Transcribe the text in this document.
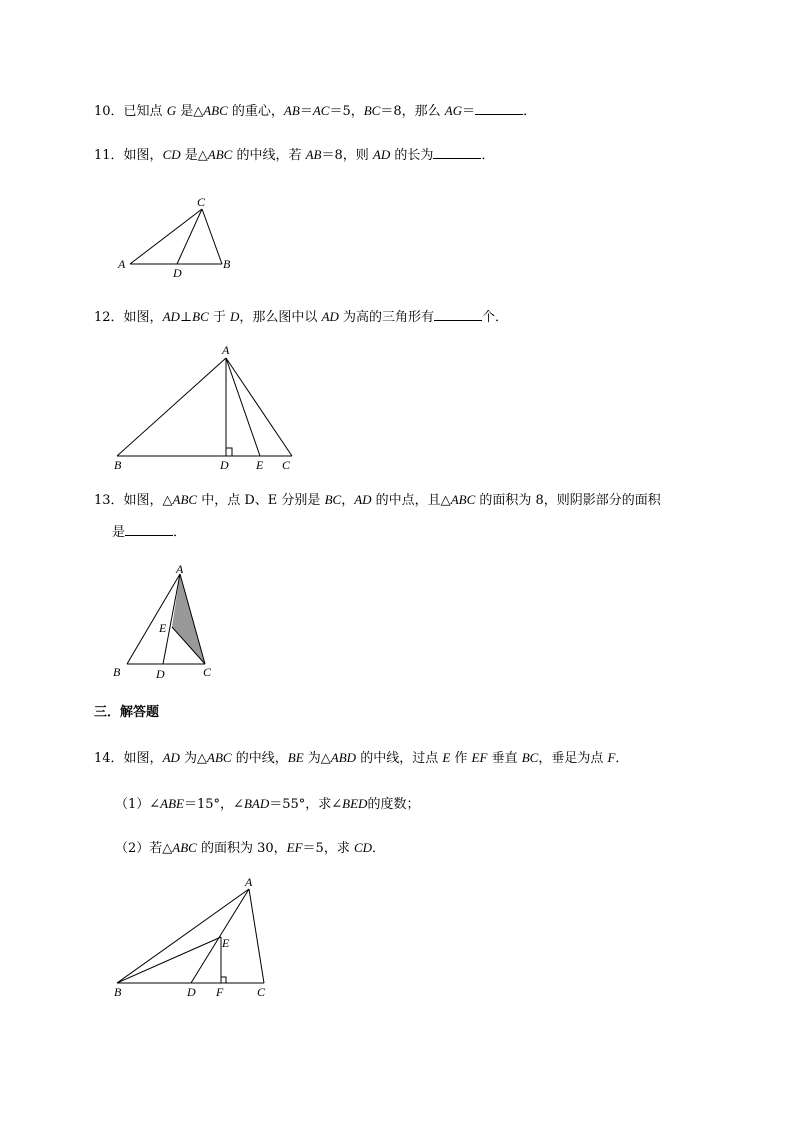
10．已知点 G 是△ABC 的重心，AB＝AC＝5，BC＝8，那么 AG＝	．
11．如图，CD 是△ABC 的中线，若 AB＝8，则 AD 的长为	．
A	B
C
D
12．如图，AD⊥BC 于 D，那么图中以 AD 为高的三角形有	个．
A
B	D E C
13．如图，△ABC 中，点 D、E 分别是 BC，AD 的中点，且△ABC 的面积为 8，则阴影部分的面积
是	．
A
E
B	D	C
三．解答题
14．如图，AD 为△ABC 的中线，BE 为△ABD 的中线，过点 E 作 EF 垂直 BC，垂足为点 F．
（1）∠ABE＝15°，∠BAD＝55°，求∠BED的度数；
（2）若△ABC 的面积为 30，EF＝5，求 CD．
A
E
B	D F	C
